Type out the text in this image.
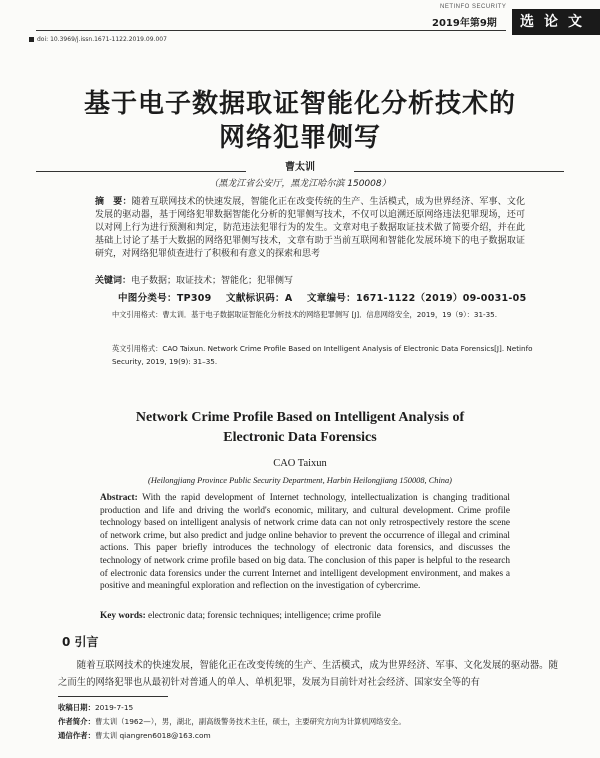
NETINFO SECURITY
2019年第9期	选论文
doi: 10.3969/j.issn.1671-1122.2019.09.007
基于电子数据取证智能化分析技术的
网络犯罪侧写
曹太训
（黑龙江省公安厅，黑龙江哈尔滨 150008）
摘　要：随着互联网技术的快速发展，智能化正在改变传统的生产、生活模式，成为世界经济、军事、文化发展的驱动器，基于网络犯罪数据智能化分析的犯罪侧写技术，不仅可以追溯还原网络违法犯罪现场，还可以对网上行为进行预测和判定，防范违法犯罪行为的发生。文章对电子数据取证技术做了简要介绍，并在此基础上讨论了基于大数据的网络犯罪侧写技术，文章有助于当前互联网和智能化发展环境下的电子数据取证研究，对网络犯罪侦查进行了积极和有意义的探索和思考
关键词：电子数据；取证技术；智能化；犯罪侧写
中图分类号：TP309 文献标识码：A 文章编号：1671-1122（2019）09-0031-05
中文引用格式：曹太训．基于电子数据取证智能化分析技术的网络犯罪侧写 [J]．信息网络安全，2019，19（9）：31-35.
英文引用格式：CAO Taixun. Network Crime Profile Based on Intelligent Analysis of Electronic Data Forensics[J]. Netinfo Security, 2019, 19(9): 31–35.
Network Crime Profile Based on Intelligent Analysis of
Electronic Data Forensics
CAO Taixun
(Heilongjiang Province Public Security Department, Harbin Heilongjiang 150008, China)
Abstract: With the rapid development of Internet technology, intellectualization is changing traditional production and life and driving the world's economic, military, and cultural development. Crime profile technology based on intelligent analysis of network crime data can not only retrospectively restore the scene of network crime, but also predict and judge online behavior to prevent the occurrence of illegal and criminal actions. This paper briefly introduces the technology of electronic data forensics, and discusses the technology of network crime profile based on big data. The conclusion of this paper is helpful to the research of electronic data forensics under the current Internet and intelligent development environment, and makes a positive and meaningful exploration and reflection on the investigation of cybercrime.
Key words: electronic data; forensic techniques; intelligence; crime profile
0 引言
随着互联网技术的快速发展，智能化正在改变传统的生产、生活模式，成为世界经济、军事、文化发展的驱动器。随之而生的网络犯罪也从最初针对普通人的单人、单机犯罪，发展为目前针对社会经济、国家安全等的有
收稿日期：2019-7-15
作者简介：曹太训（1962—），男，湖北，副高级警务技术主任，硕士，主要研究方向为计算机网络安全。
通信作者：曹太训 qiangren6018@163.com
